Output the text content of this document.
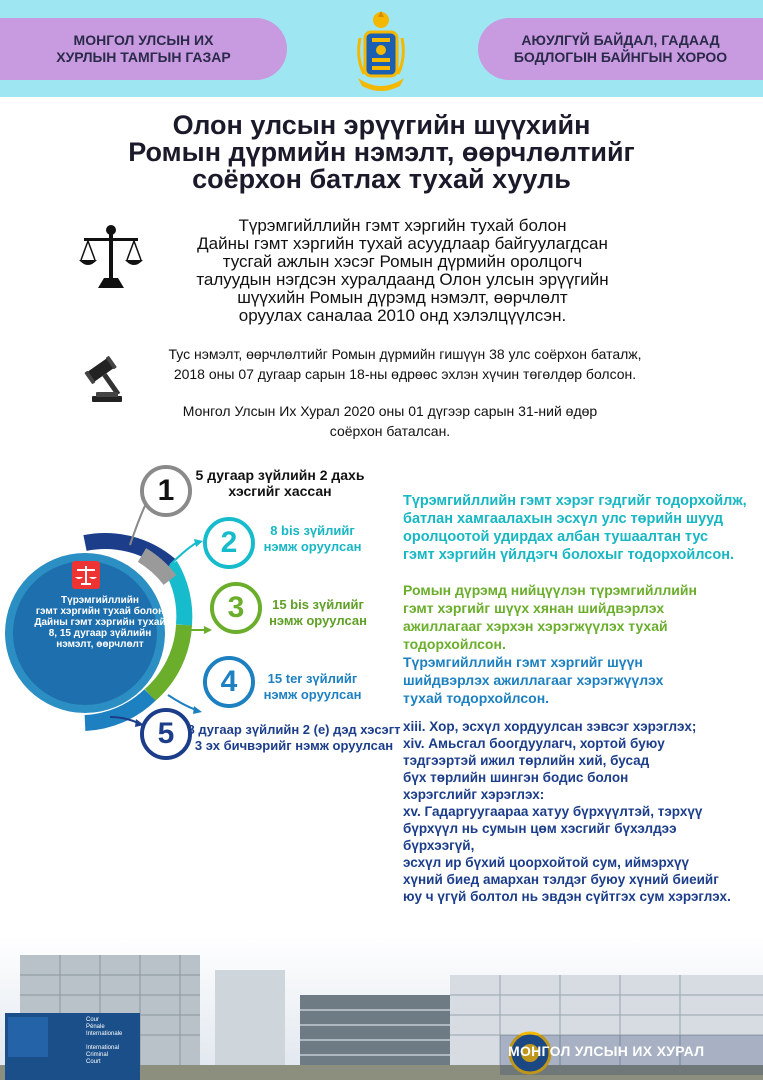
МОНГОЛ УЛСЫН ИХ
ХУРЛЫН ТАМГЫН ГАЗАР
АЮУЛГҮЙ БАЙДАЛ, ГАДААД
БОДЛОГЫН БАЙНГЫН ХОРОО
Олон улсын эрүүгийн шүүхийн
Ромын дүрмийн нэмэлт, өөрчлөлтийг
соёрхон батлах тухай хууль
Түрэмгийллийн гэмт хэргийн тухай болон
Дайны гэмт хэргийн тухай асуудлаар байгуулагдсан
тусгай ажлын хэсэг Ромын дүрмийн оролцогч
талуудын нэгдсэн хуралдаанд Олон улсын эрүүгийн
шүүхийн Ромын дүрэмд нэмэлт, өөрчлөлт
оруулах саналаа 2010 онд хэлэлцүүлсэн.
Тус нэмэлт, өөрчлөлтийг Ромын дүрмийн гишүүн 38 улс соёрхон баталж,
2018 оны 07 дугаар сарын 18-ны өдрөөс эхлэн хүчин төгөлдөр болсон.
Монгол Улсын Их Хурал 2020 оны 01 дүгээр сарын 31-ний өдөр
соёрхон баталсан.
Түрэмгийллийн
гэмт хэргийн тухай болон
Дайны гэмт хэргийн тухай
8, 15 дугаар зүйлийн
нэмэлт, өөрчлөлт
1
2
3
4
5
5 дугаар зүйлийн 2 дахь
хэсгийг хассан
8 bis зүйлийг
нэмж оруулсан
15 bis зүйлийг
нэмж оруулсан
15 ter зүйлийг
нэмж оруулсан
8 дугаар зүйлийн 2 (е) дэд хэсэгт
3 эх бичвэрийг нэмж оруулсан
Түрэмгийллийн гэмт хэрэг гэдгийг тодорхойлж,
батлан хамгаалахын эсхүл улс төрийн шууд
оролцоотой удирдах албан тушаалтан тус
гэмт хэргийн үйлдэгч болохыг тодорхойлсон.
Ромын дүрэмд нийцүүлэн түрэмгийллийн
гэмт хэргийг шүүх хянан шийдвэрлэх
ажиллагааг хэрхэн хэрэгжүүлэх тухай
тодорхойлсон.
Түрэмгийллийн гэмт хэргийг шүүн
шийдвэрлэх ажиллагааг хэрэгжүүлэх
тухай тодорхойлсон.
xiii. Хор, эсхүл хордуулсан зэвсэг хэрэглэх;
xiv. Амьсгал боогдуулагч, хортой буюу
тэдгээртэй ижил төрлийн хий, бусад
бүх төрлийн шингэн бодис болон
хэрэгслийг хэрэглэх:
xv. Гадаргуугаараа хатуу бүрхүүлтэй, тэрхүү
бүрхүүл нь сумын цөм хэсгийг бүхэлдээ бүрхээгүй,
эсхүл ир бүхий цоорхойтой сум, иймэрхүү
хүний биед амархан тэлдэг буюу хүний биеийг
юу ч үгүй болтол нь эвдэн сүйтгэх сум хэрэглэх.
Cour
Pénale
Internationale

International
Criminal
Court
МОНГОЛ УЛСЫН ИХ ХУРАЛ
